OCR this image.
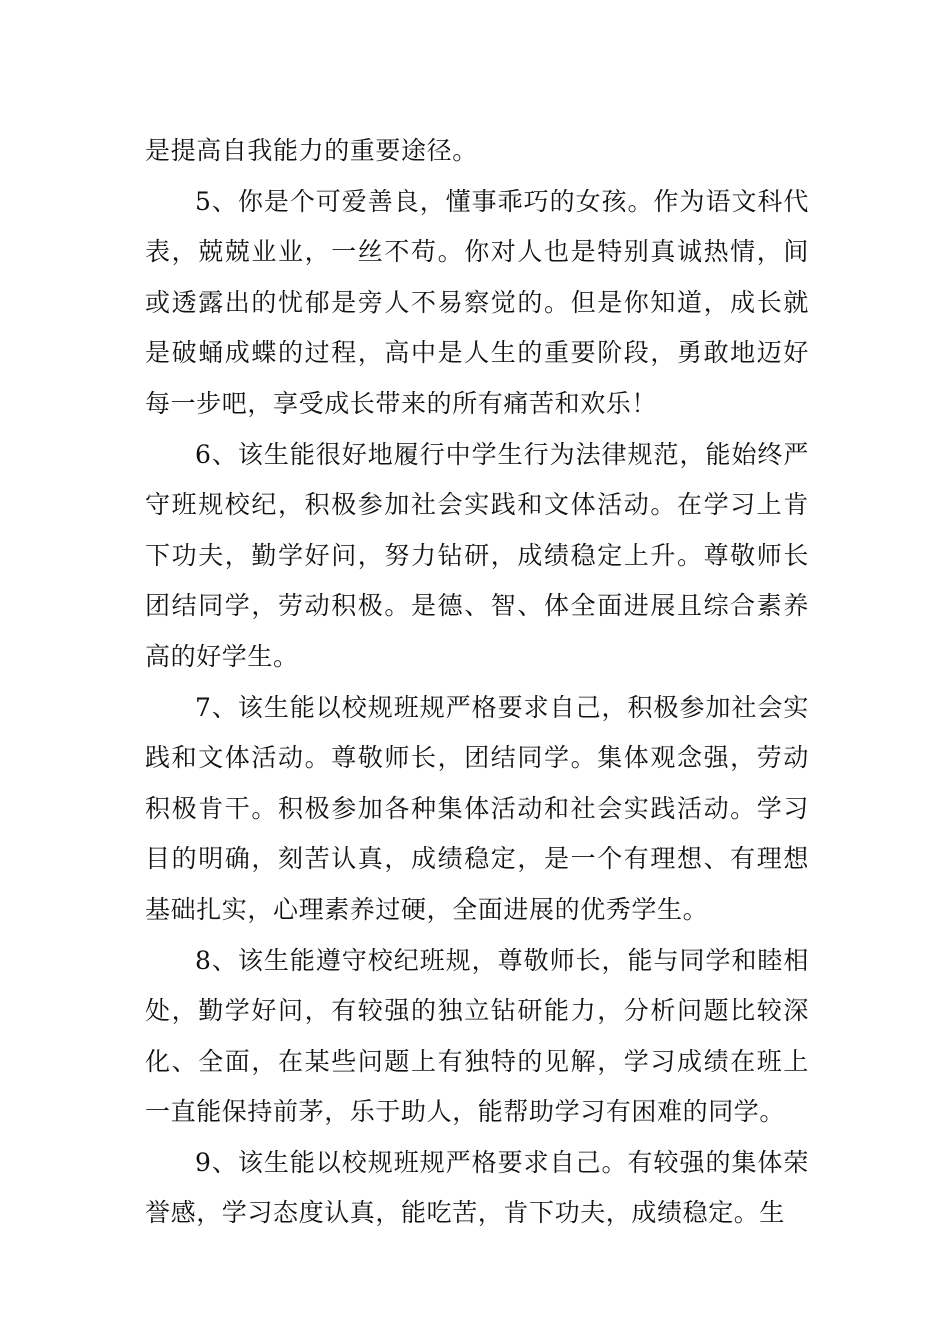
是提高自我能力的重要途径。

5、你是个可爱善良，懂事乖巧的女孩。作为语文科代表，兢兢业业，一丝不苟。你对人也是特别真诚热情，间或透露出的忧郁是旁人不易察觉的。但是你知道，成长就是破蛹成蝶的过程，高中是人生的重要阶段，勇敢地迈好每一步吧，享受成长带来的所有痛苦和欢乐！

6、该生能很好地履行中学生行为法律规范，能始终严守班规校纪，积极参加社会实践和文体活动。在学习上肯下功夫，勤学好问，努力钻研，成绩稳定上升。尊敬师长团结同学，劳动积极。是德、智、体全面进展且综合素养高的好学生。

7、该生能以校规班规严格要求自己，积极参加社会实践和文体活动。尊敬师长，团结同学。集体观念强，劳动积极肯干。积极参加各种集体活动和社会实践活动。学习目的明确，刻苦认真，成绩稳定，是一个有理想、有理想基础扎实，心理素养过硬，全面进展的优秀学生。

8、该生能遵守校纪班规，尊敬师长，能与同学和睦相处，勤学好问，有较强的独立钻研能力，分析问题比较深化、全面，在某些问题上有独特的见解，学习成绩在班上一直能保持前茅，乐于助人，能帮助学习有困难的同学。

9、该生能以校规班规严格要求自己。有较强的集体荣誉感，学习态度认真，能吃苦，肯下功夫，成绩稳定。生
